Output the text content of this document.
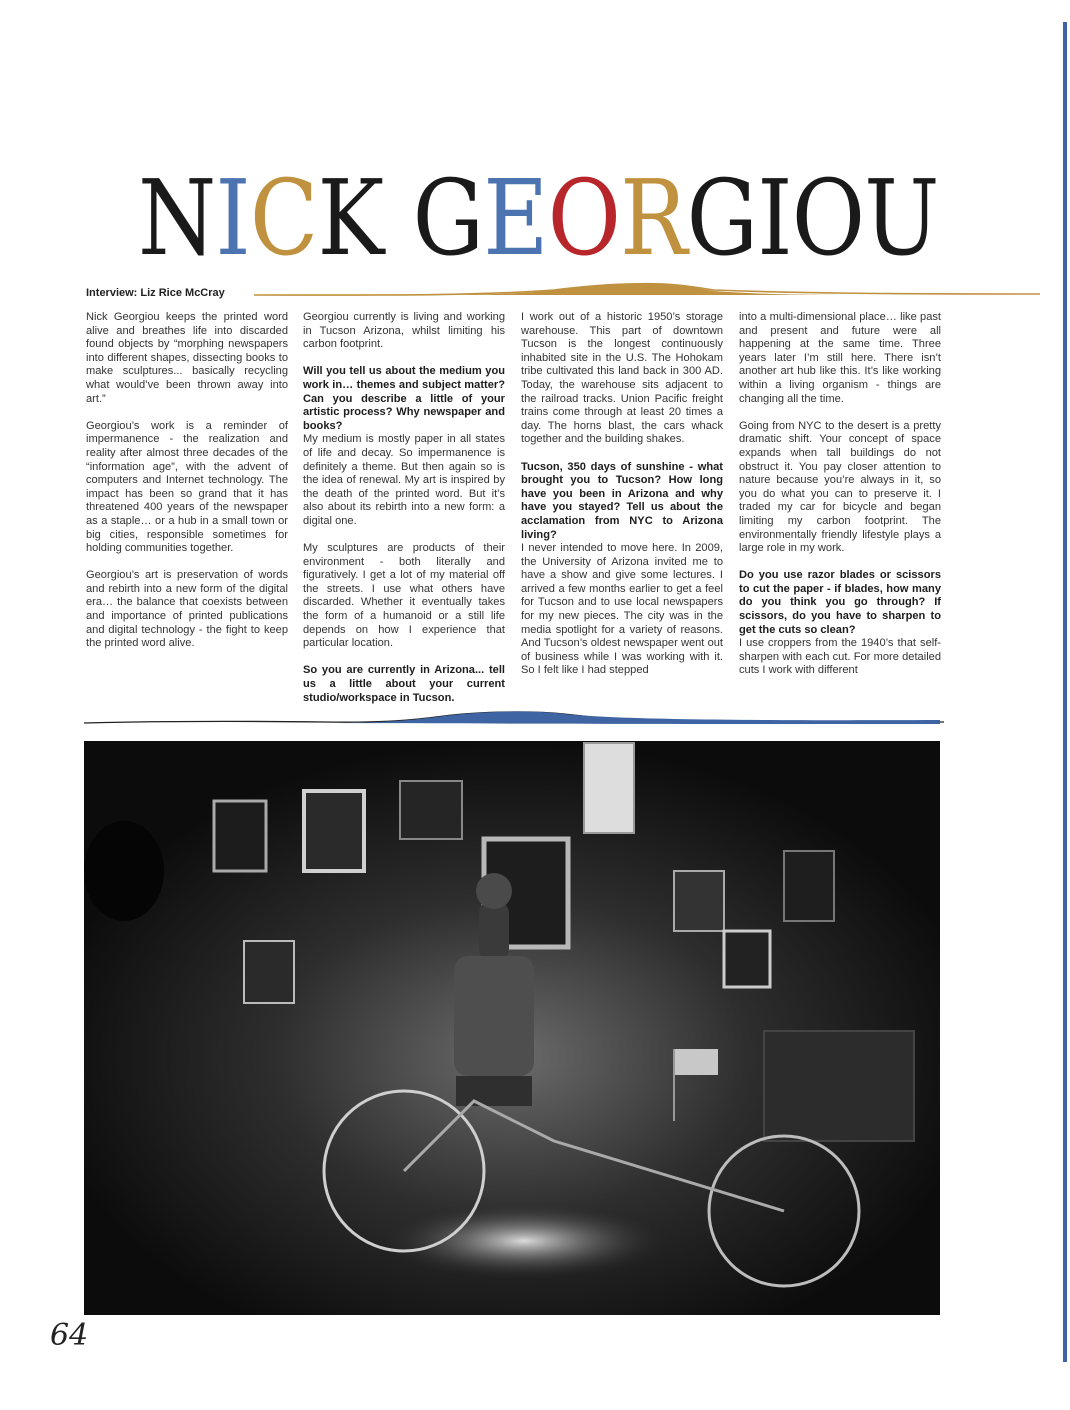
NICK GEORGIOU
Interview: Liz Rice McCray

Nick Georgiou keeps the printed word alive and breathes life into discarded found objects by “morphing newspapers into different shapes, dissecting books to make sculptures... basically recycling what would’ve been thrown away into art.”

Georgiou’s work is a reminder of impermanence - the realization and reality after almost three decades of the “information age”, with the advent of computers and Internet technology. The impact has been so grand that it has threatened 400 years of the newspaper as a staple… or a hub in a small town or big cities, responsible sometimes for holding communities together.

Georgiou’s art is preservation of words and rebirth into a new form of the digital era… the balance that coexists between and importance of printed publications and digital technology - the fight to keep the printed word alive.

Georgiou currently is living and working in Tucson Arizona, whilst limiting his carbon footprint.

Will you tell us about the medium you work in… themes and subject matter? Can you describe a little of your artistic process? Why newspaper and books?

My medium is mostly paper in all states of life and decay. So impermanence is definitely a theme. But then again so is the idea of renewal. My art is inspired by the death of the printed word. But it’s also about its rebirth into a new form: a digital one.

My sculptures are products of their environment - both literally and figuratively. I get a lot of my material off the streets. I use what others have discarded. Whether it eventually takes the form of a humanoid or a still life depends on how I experience that particular location.

So you are currently in Arizona... tell us a little about your current studio/workspace in Tucson.

I work out of a historic 1950’s storage warehouse. This part of downtown Tucson is the longest continuously inhabited site in the U.S. The Hohokam tribe cultivated this land back in 300 AD. Today, the warehouse sits adjacent to the railroad tracks. Union Pacific freight trains come through at least 20 times a day. The horns blast, the cars whack together and the building shakes.

Tucson, 350 days of sunshine - what brought you to Tucson? How long have you been in Arizona and why have you stayed? Tell us about the acclamation from NYC to Arizona living?

I never intended to move here. In 2009, the University of Arizona invited me to have a show and give some lectures. I arrived a few months earlier to get a feel for Tucson and to use local newspapers for my new pieces. The city was in the media spotlight for a variety of reasons. And Tucson’s oldest newspaper went out of business while I was working with it. So I felt like I had stepped

into a multi-dimensional place… like past and present and future were all happening at the same time. Three years later I’m still here. There isn’t another art hub like this. It’s like working within a living organism - things are changing all the time.

Going from NYC to the desert is a pretty dramatic shift. Your concept of space expands when tall buildings do not obstruct it. You pay closer attention to nature because you’re always in it, so you do what you can to preserve it. I traded my car for bicycle and began limiting my carbon footprint. The environmentally friendly lifestyle plays a large role in my work.

Do you use razor blades or scissors to cut the paper - if blades, how many do you think you go through? If scissors, do you have to sharpen to get the cuts so clean?

I use croppers from the 1940’s that self-sharpen with each cut. For more detailed cuts I work with different

64
